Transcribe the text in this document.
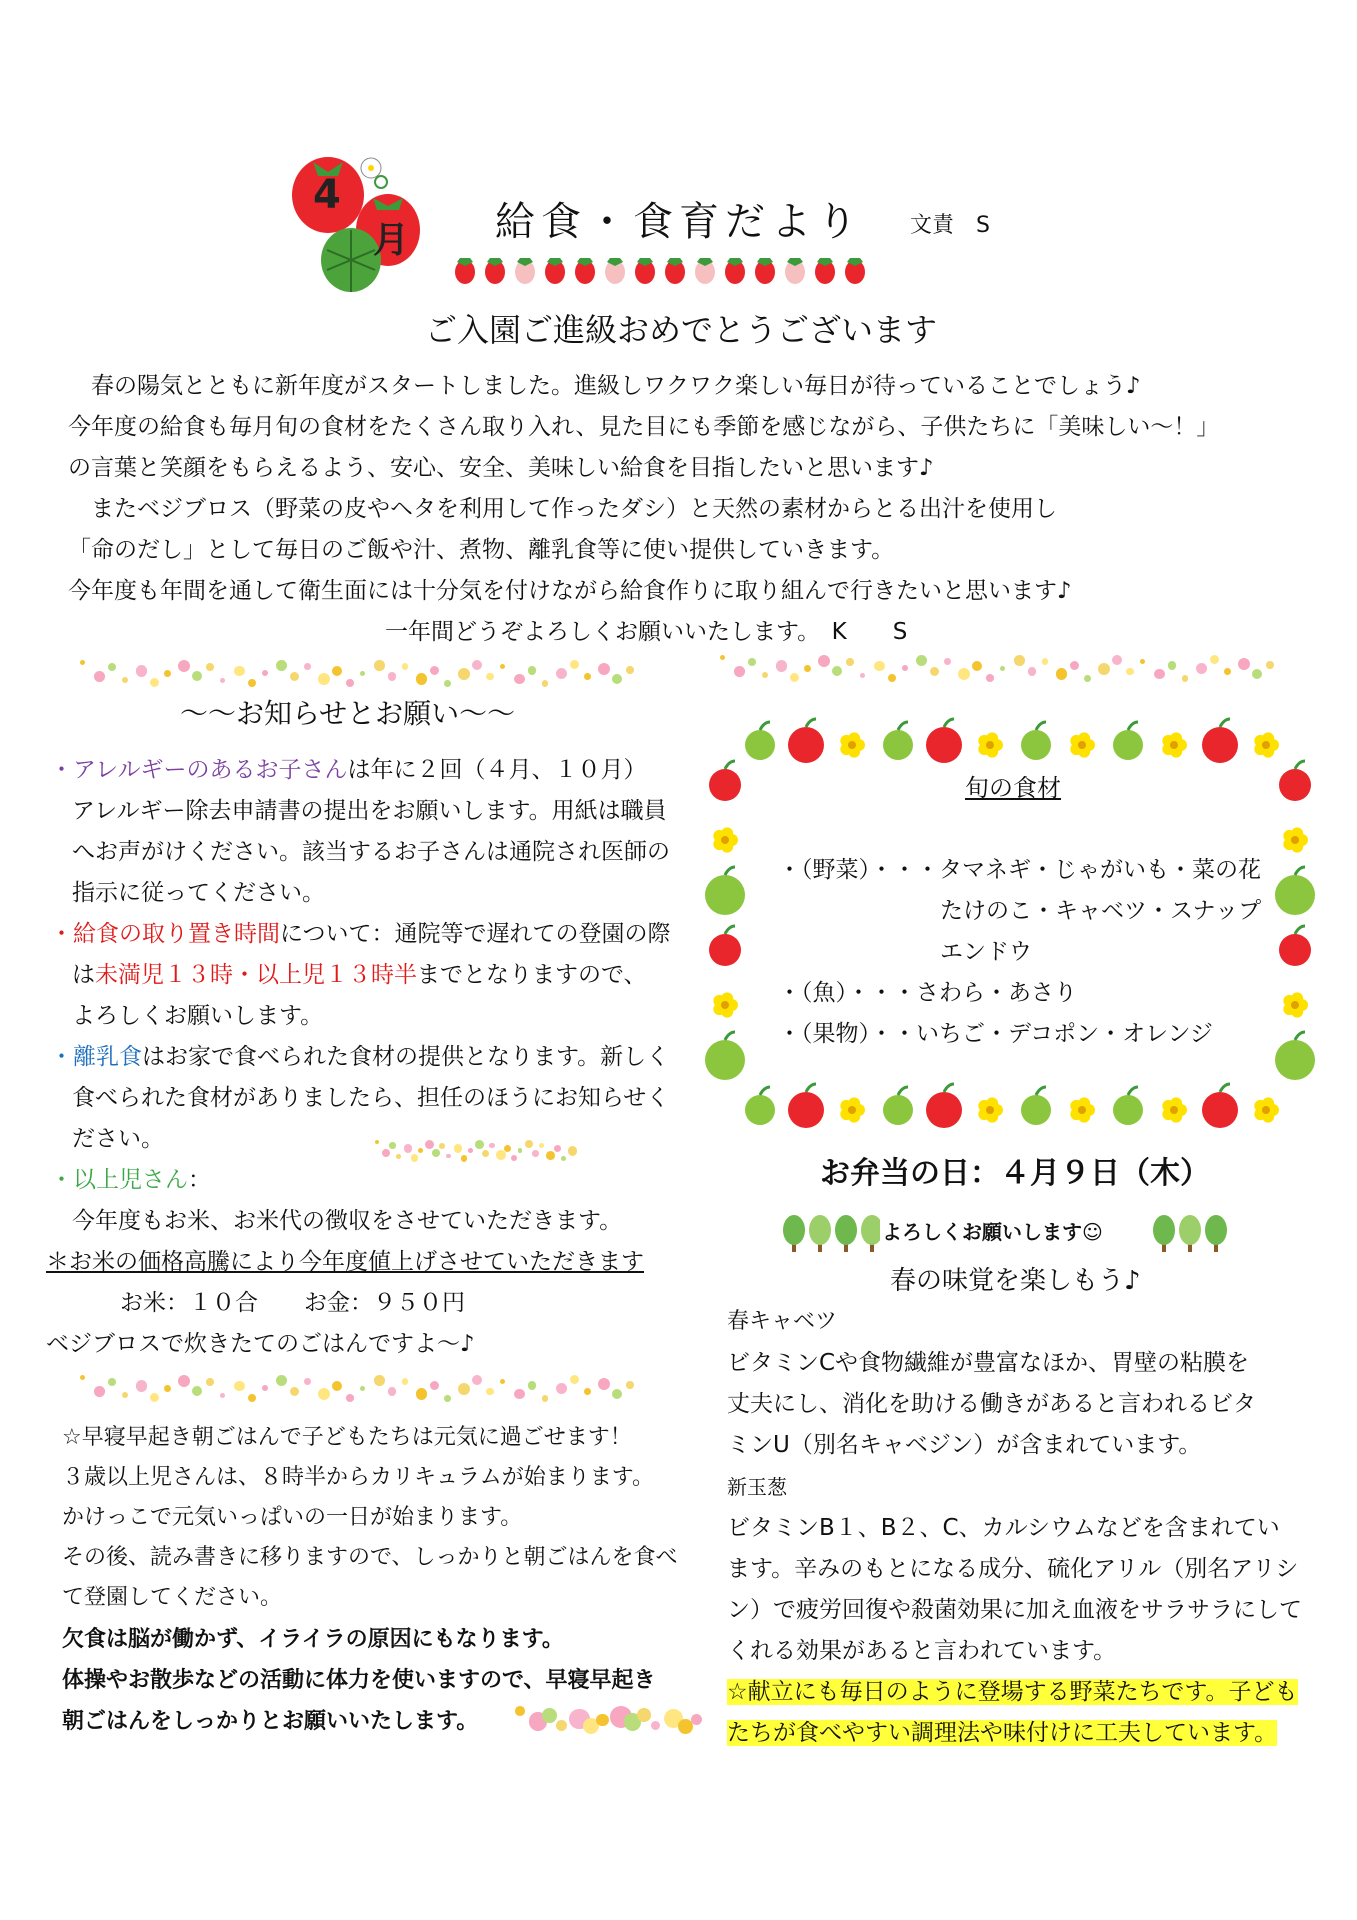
4
月 給食・食育だより 文責　S
ご入園ご進級おめでとうございます
　春の陽気とともに新年度がスタートしました。進級しワクワク楽しい毎日が待っていることでしょう♪
今年度の給食も毎月旬の食材をたくさん取り入れ、見た目にも季節を感じながら、子供たちに「美味しい～！」
の言葉と笑顔をもらえるよう、安心、安全、美味しい給食を目指したいと思います♪
　またベジブロス（野菜の皮やヘタを利用して作ったダシ）と天然の素材からとる出汁を使用し
「命のだし」として毎日のご飯や汁、煮物、離乳食等に使い提供していきます。
今年度も年間を通して衛生面には十分気を付けながら給食作りに取り組んで行きたいと思います♪
一年間どうぞよろしくお願いいたします。　K　　S
～～お知らせとお願い～～
・アレルギーのあるお子さんは年に２回（４月、１０月）
アレルギー除去申請書の提出をお願いします。用紙は職員
へお声がけください。該当するお子さんは通院され医師の
指示に従ってください。
・給食の取り置き時間について：通院等で遅れての登園の際
は未満児１３時・以上児１３時半までとなりますので、
よろしくお願いします。
・離乳食はお家で食べられた食材の提供となります。新しく
食べられた食材がありましたら、担任のほうにお知らせく
ださい。
・以上児さん：
今年度もお米、お米代の徴収をさせていただきます。
＊お米の価格高騰により今年度値上げさせていただきます
お米：１０合　　お金：９５０円
ベジブロスで炊きたてのごはんですよ～♪
☆早寝早起き朝ごはんで子どもたちは元気に過ごせます！
３歳以上児さんは、８時半からカリキュラムが始まります。
かけっこで元気いっぱいの一日が始まります。
その後、読み書きに移りますので、しっかりと朝ごはんを食べ
て登園してください。
欠食は脳が働かず、イライラの原因にもなります。
体操やお散歩などの活動に体力を使いますので、早寝早起き
朝ごはんをしっかりとお願いいたします。
旬の食材
・（野菜）・・・タマネギ・じゃがいも・菜の花
たけのこ・キャベツ・スナップ
エンドウ
・（魚）・・・さわら・あさり
・（果物）・・いちご・デコポン・オレンジ
お弁当の日：４月９日（木）
よろしくお願いします☺
春の味覚を楽しもう♪
春キャベツ
ビタミンCや食物繊維が豊富なほか、胃壁の粘膜を
丈夫にし、消化を助ける働きがあると言われるビタ
ミンU（別名キャベジン）が含まれています。
新玉葱
ビタミンB１、B２、C、カルシウムなどを含まれてい
ます。辛みのもとになる成分、硫化アリル（別名アリシ
ン）で疲労回復や殺菌効果に加え血液をサラサラにして
くれる効果があると言われています。
☆献立にも毎日のように登場する野菜たちです。子ども
たちが食べやすい調理法や味付けに工夫しています。
